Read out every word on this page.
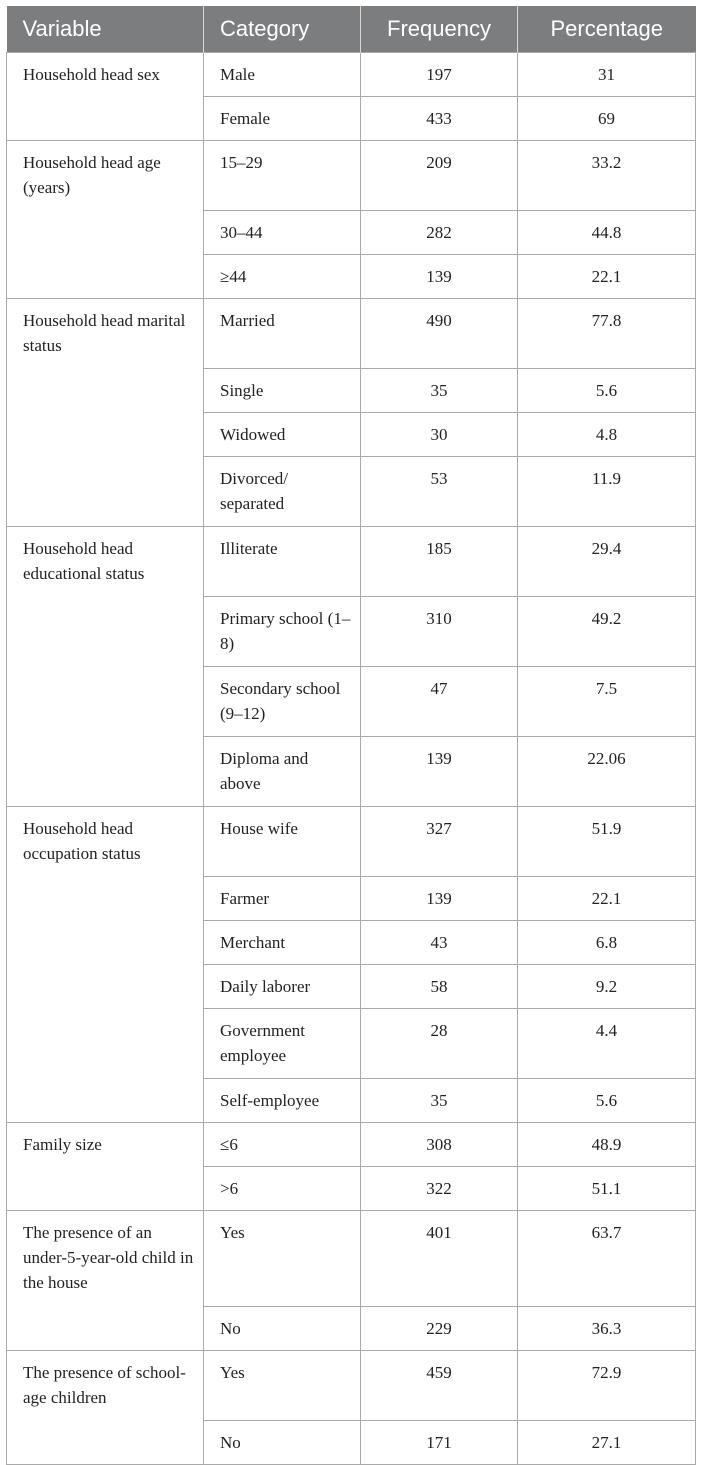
Variable	Category	Frequency	Percentage
Household head sex	Male	197	31
	Female	433	69
Household head age (years)	15–29	209	33.2
	30–44	282	44.8
	≥44	139	22.1
Household head marital status	Married	490	77.8
	Single	35	5.6
	Widowed	30	4.8
	Divorced/ separated	53	11.9
Household head educational status	Illiterate	185	29.4
	Primary school (1–8)	310	49.2
	Secondary school (9–12)	47	7.5
	Diploma and above	139	22.06
Household head occupation status	House wife	327	51.9
	Farmer	139	22.1
	Merchant	43	6.8
	Daily laborer	58	9.2
	Government employee	28	4.4
	Self-employee	35	5.6
Family size	≤6	308	48.9
	>6	322	51.1
The presence of an under-5-year-old child in the house	Yes	401	63.7
	No	229	36.3
The presence of school-age children	Yes	459	72.9
	No	171	27.1
